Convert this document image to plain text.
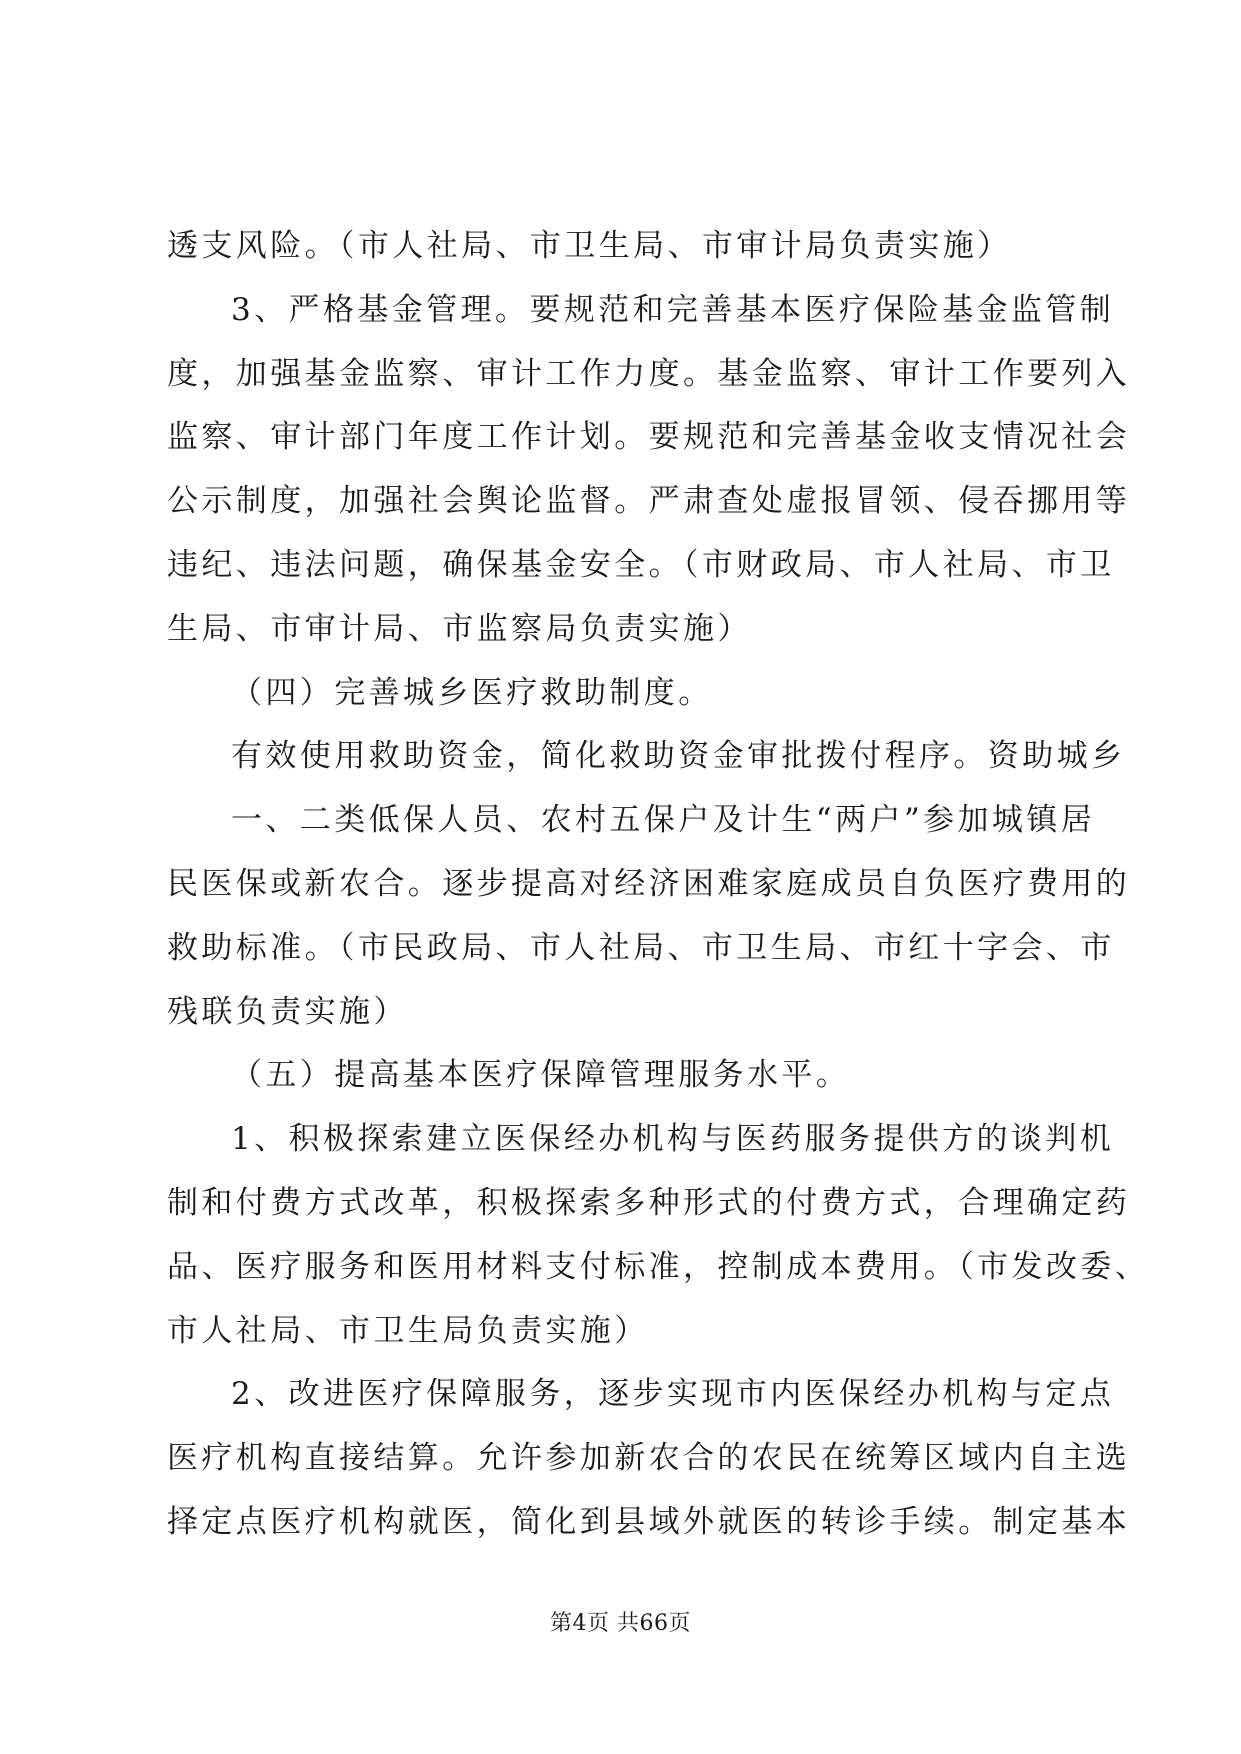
透支风险。（市人社局、市卫生局、市审计局负责实施）
3、严格基金管理。要规范和完善基本医疗保险基金监管制
度，加强基金监察、审计工作力度。基金监察、审计工作要列入
监察、审计部门年度工作计划。要规范和完善基金收支情况社会
公示制度，加强社会舆论监督。严肃查处虚报冒领、侵吞挪用等
违纪、违法问题，确保基金安全。（市财政局、市人社局、市卫
生局、市审计局、市监察局负责实施）
（四）完善城乡医疗救助制度。
有效使用救助资金，简化救助资金审批拨付程序。资助城乡
一、二类低保人员、农村五保户及计生“两户”参加城镇居
民医保或新农合。逐步提高对经济困难家庭成员自负医疗费用的
救助标准。（市民政局、市人社局、市卫生局、市红十字会、市
残联负责实施）
（五）提高基本医疗保障管理服务水平。
1、积极探索建立医保经办机构与医药服务提供方的谈判机
制和付费方式改革，积极探索多种形式的付费方式，合理确定药
品、医疗服务和医用材料支付标准，控制成本费用。（市发改委、
市人社局、市卫生局负责实施）
2、改进医疗保障服务，逐步实现市内医保经办机构与定点
医疗机构直接结算。允许参加新农合的农民在统筹区域内自主选
择定点医疗机构就医，简化到县域外就医的转诊手续。制定基本
第4页 共66页
